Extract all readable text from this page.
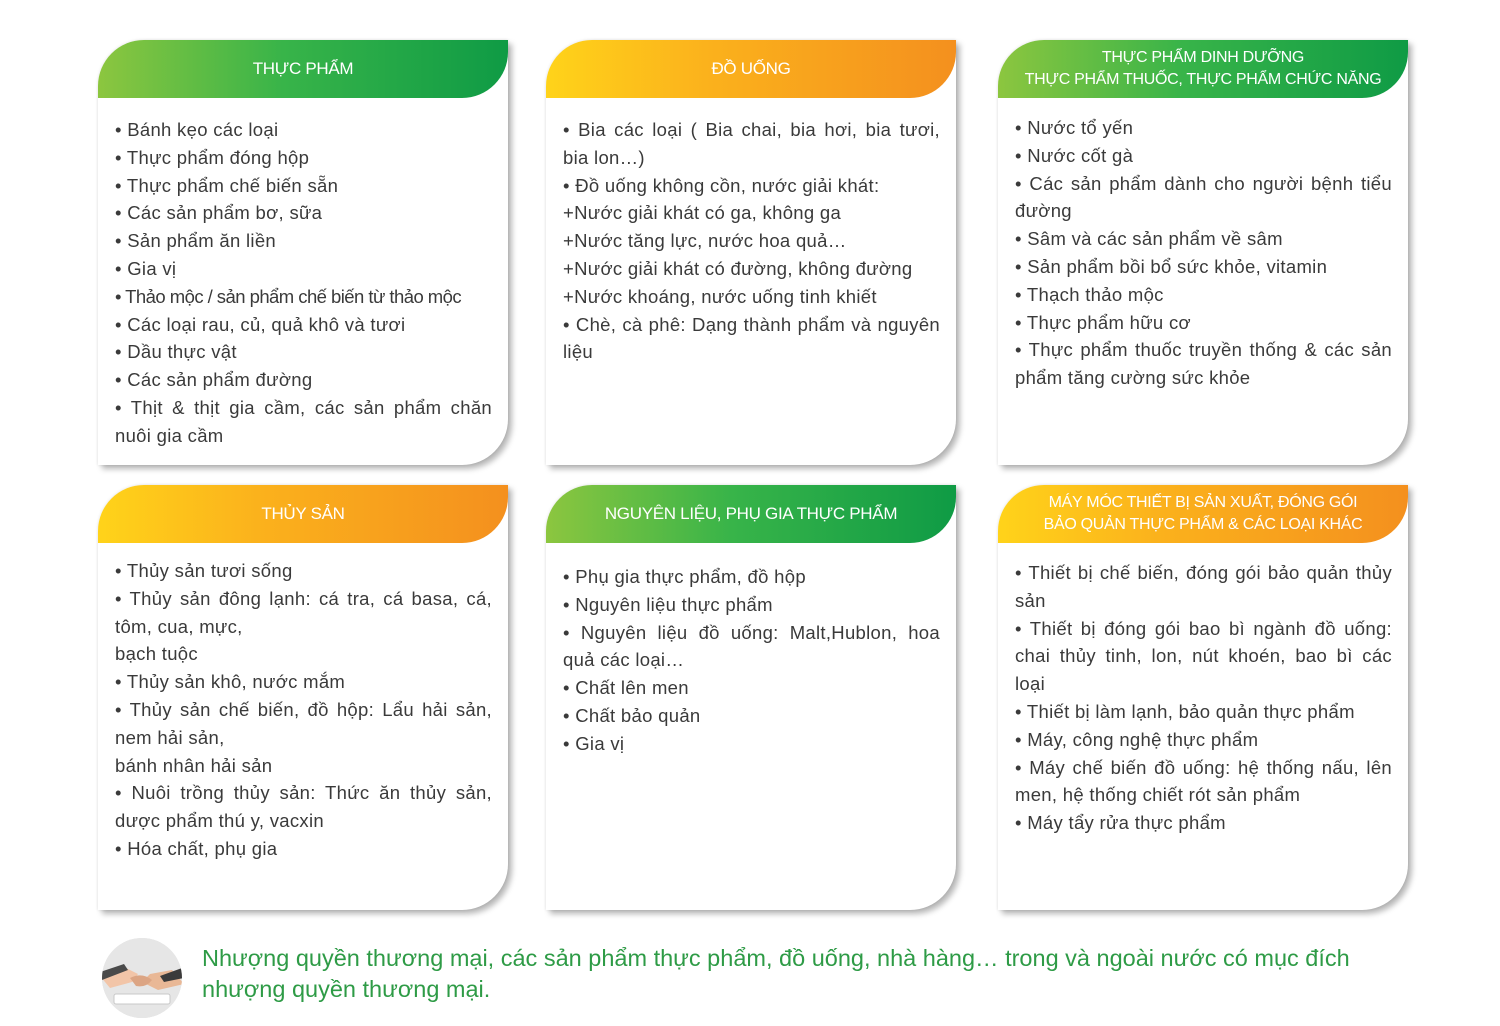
THỰC PHẨM
• Bánh kẹo các loại
• Thực phẩm đóng hộp
• Thực phẩm chế biến sẵn
• Các sản phẩm bơ, sữa
• Sản phẩm ăn liền
• Gia vị
• Thảo mộc / sản phẩm chế biến từ thảo mộc
• Các loại rau, củ, quả khô và tươi
• Dầu thực vật
• Các sản phẩm đường
• Thịt & thịt gia cầm, các sản phẩm chăn nuôi gia cầm
ĐỒ UỐNG
• Bia các loại ( Bia chai, bia hơi, bia tươi, bia lon…)
• Đồ uống không cồn, nước giải khát:
+Nước giải khát có ga, không ga
+Nước tăng lực, nước hoa quả…
+Nước giải khát có đường, không đường
+Nước khoáng, nước uống tinh khiết
• Chè, cà phê: Dạng thành phẩm và nguyên liệu
THỰC PHẨM DINH DƯỠNG
THỰC PHẨM THUỐC, THỰC PHẨM CHỨC NĂNG
• Nước tổ yến
• Nước cốt gà
• Các sản phẩm dành cho người bệnh tiểu đường
• Sâm và các sản phẩm về sâm
• Sản phẩm bồi bổ sức khỏe, vitamin
• Thạch thảo mộc
• Thực phẩm hữu cơ
• Thực phẩm thuốc truyền thống & các sản phẩm tăng cường sức khỏe
THỦY SẢN
• Thủy sản tươi sống
• Thủy sản đông lạnh: cá tra, cá basa, cá, tôm, cua, mực,
bạch tuộc
• Thủy sản khô, nước mắm
• Thủy sản chế biến, đồ hộp: Lẩu hải sản, nem hải sản,
bánh nhân hải sản
• Nuôi trồng thủy sản: Thức ăn thủy sản, dược phẩm thú y, vacxin
• Hóa chất, phụ gia
NGUYÊN LIỆU, PHỤ GIA THỰC PHẨM
• Phụ gia thực phẩm, đồ hộp
• Nguyên liệu thực phẩm
• Nguyên liệu đồ uống: Malt,Hublon, hoa quả các loại…
• Chất lên men
• Chất bảo quản
• Gia vị
MÁY MÓC THIẾT BỊ SẢN XUẤT, ĐÓNG GÓI
BẢO QUẢN THỰC PHẨM & CÁC LOẠI KHÁC
• Thiết bị chế biến, đóng gói bảo quản thủy sản
• Thiết bị đóng gói bao bì ngành đồ uống: chai thủy tinh, lon, nút khoén, bao bì các loại
• Thiết bị làm lạnh, bảo quản thực phẩm
• Máy, công nghệ thực phẩm
• Máy chế biến đồ uống: hệ thống nấu, lên men, hệ thống chiết rót sản phẩm
• Máy tẩy rửa thực phẩm
Nhượng quyền thương mại, các sản phẩm thực phẩm, đồ uống, nhà hàng… trong và ngoài nước có mục đích
nhượng quyền thương mại.
